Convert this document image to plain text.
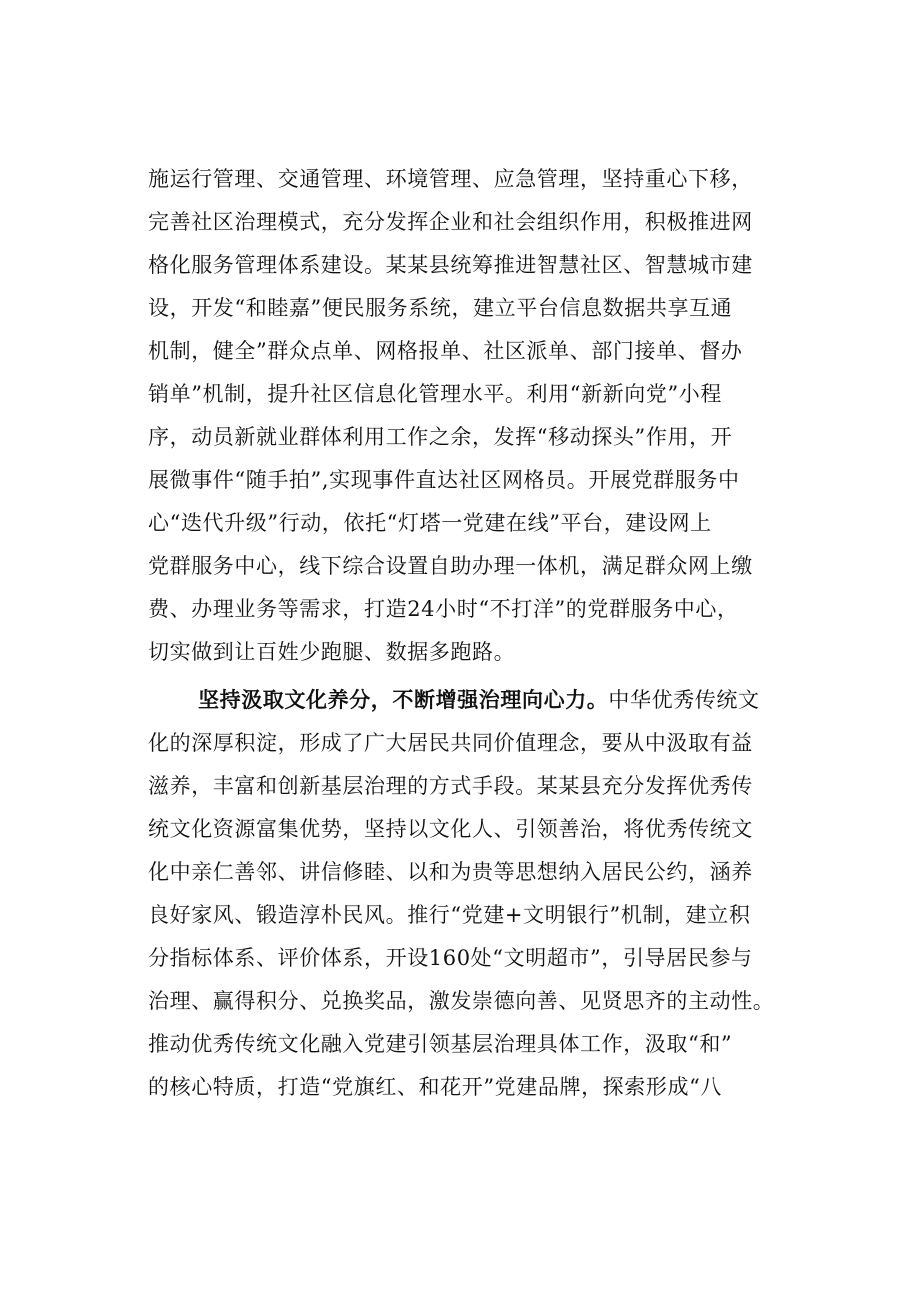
施运行管理、交通管理、环境管理、应急管理，坚持重心下移，
完善社区治理模式，充分发挥企业和社会组织作用，积极推进网
格化服务管理体系建设。某某县统筹推进智慧社区、智慧城市建
设，开发“和睦嘉”便民服务系统，建立平台信息数据共享互通
机制，健全”群众点单、网格报单、社区派单、部门接单、督办
销单”机制，提升社区信息化管理水平。利用“新新向党”小程
序，动员新就业群体利用工作之余，发挥“移动探头”作用，开
展微事件“随手拍”,实现事件直达社区网格员。开展党群服务中
心“迭代升级”行动，依托“灯塔一党建在线”平台，建设网上
党群服务中心，线下综合设置自助办理一体机，满足群众网上缴
费、办理业务等需求，打造24小时“不打洋”的党群服务中心，
切实做到让百姓少跑腿、数据多跑路。
坚持汲取文化养分，不断增强治理向心力。中华优秀传统文
化的深厚积淀，形成了广大居民共同价值理念，要从中汲取有益
滋养，丰富和创新基层治理的方式手段。某某县充分发挥优秀传
统文化资源富集优势，坚持以文化人、引领善治，将优秀传统文
化中亲仁善邻、讲信修睦、以和为贵等思想纳入居民公约，涵养
良好家风、锻造淳朴民风。推行“党建+文明银行”机制，建立积
分指标体系、评价体系，开设160处“文明超市”，引导居民参与
治理、赢得积分、兑换奖品，激发崇德向善、见贤思齐的主动性。
推动优秀传统文化融入党建引领基层治理具体工作，汲取“和”
的核心特质，打造“党旗红、和花开”党建品牌，探索形成“八
